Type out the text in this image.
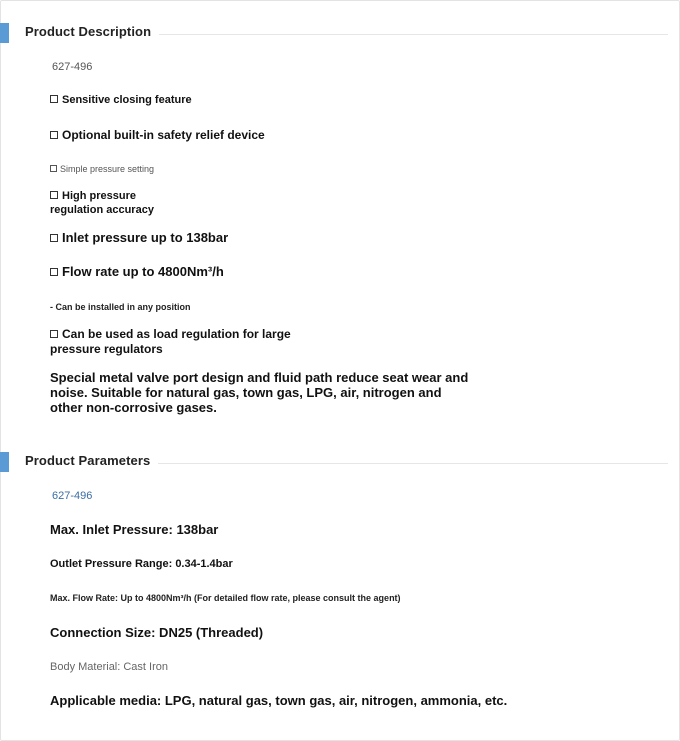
Product Description
627-496
Sensitive closing feature
Optional built-in safety relief device
Simple pressure setting
High pressure
regulation accuracy
Inlet pressure up to 138bar
Flow rate up to 4800Nm³/h
- Can be installed in any position
Can be used as load regulation for large
pressure regulators
Special metal valve port design and fluid path reduce seat wear and
noise. Suitable for natural gas, town gas, LPG, air, nitrogen and
other non-corrosive gases.
Product Parameters
627-496
Max. Inlet Pressure: 138bar
Outlet Pressure Range: 0.34-1.4bar
Max. Flow Rate: Up to 4800Nm³/h (For detailed flow rate, please consult the agent)
Connection Size: DN25 (Threaded)
Body Material: Cast Iron
Applicable media: LPG, natural gas, town gas, air, nitrogen, ammonia, etc.
